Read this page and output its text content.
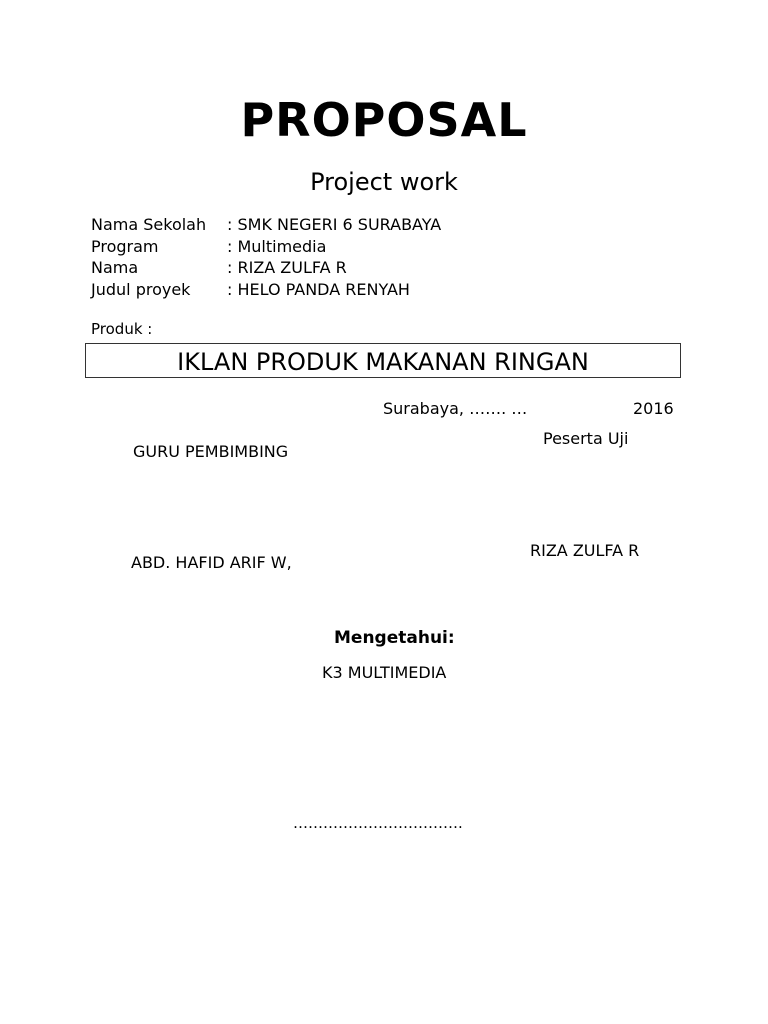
PROPOSAL
Project work
Nama Sekolah	: SMK NEGERI 6 SURABAYA
Program	: Multimedia
Nama	: RIZA ZULFA R
Judul proyek	: HELO PANDA RENYAH
Produk :
IKLAN PRODUK MAKANAN RINGAN
Surabaya, ……. …	2016
Peserta Uji
GURU PEMBIMBING
RIZA ZULFA R
ABD. HAFID ARIF W,
Mengetahui:
K3 MULTIMEDIA
…………………………….
